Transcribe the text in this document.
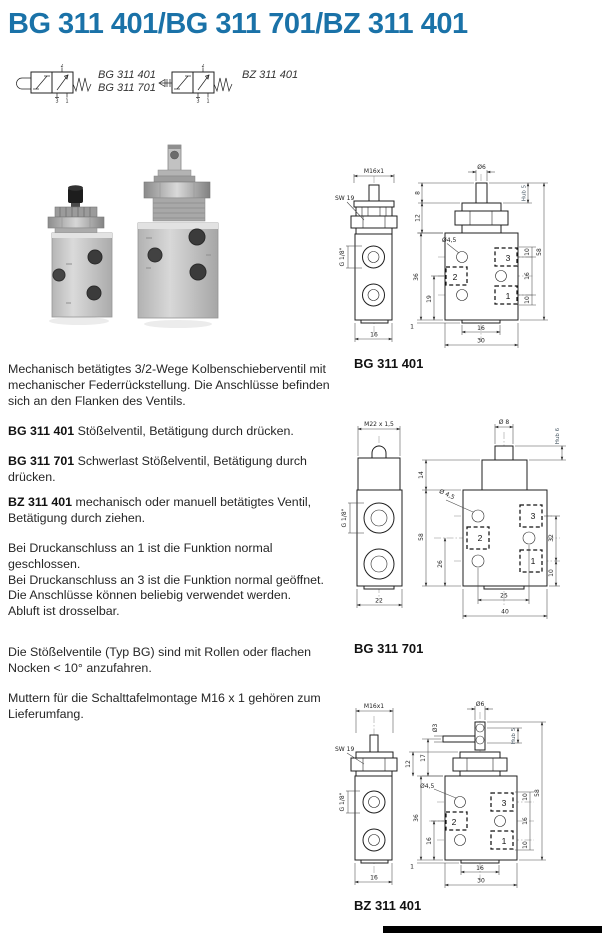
BG 311 401/BG 311 701/BZ 311 401
2
3 1
BG 311 401
BG 311 701
2
3 1
BZ 311 401
Mechanisch betätigtes 3/2-Wege Kolbenschieberventil mit mechanischer Federrückstellung. Die Anschlüsse befinden sich an den Flanken des Ventils.
BG 311 401 Stößelventil, Betätigung durch drücken.
BG 311 701 Schwerlast Stößelventil, Betätigung durch drücken.
BZ 311 401 mechanisch oder manuell betätigtes Ventil, Betätigung durch ziehen.
Bei Druckanschluss an 1 ist die Funktion normal geschlossen.
Bei Druckanschluss an 3 ist die Funktion normal geöffnet.
Die Anschlüsse können beliebig verwendet werden.
Abluft ist drosselbar.
Die Stößelventile (Typ BG) sind mit Rollen oder flachen Nocken < 10° anzufahren.
Muttern für die Schalttafelmontage M16 x 1 gehören zum Lieferumfang.
M16x1
SW 19
G 1/8"
16
3
2
1
Ø6
8
12
Hub 5
Ø4,5
36
19
1	16
30
10
16
10
58
BG 311 401
M22 x 1,5
G 1/8"
22
3
2
1
Ø 8
Hub 6
14
58
26
Ø 4,5
25
40
32
10
BG 311 701
M16x1
SW 19
G 1/8"
16
3
2
1
Ø6
Ø3
17
12
Hub 5
Ø4,5
36
16
1	16
30
10
16
10
58
BZ 311 401
